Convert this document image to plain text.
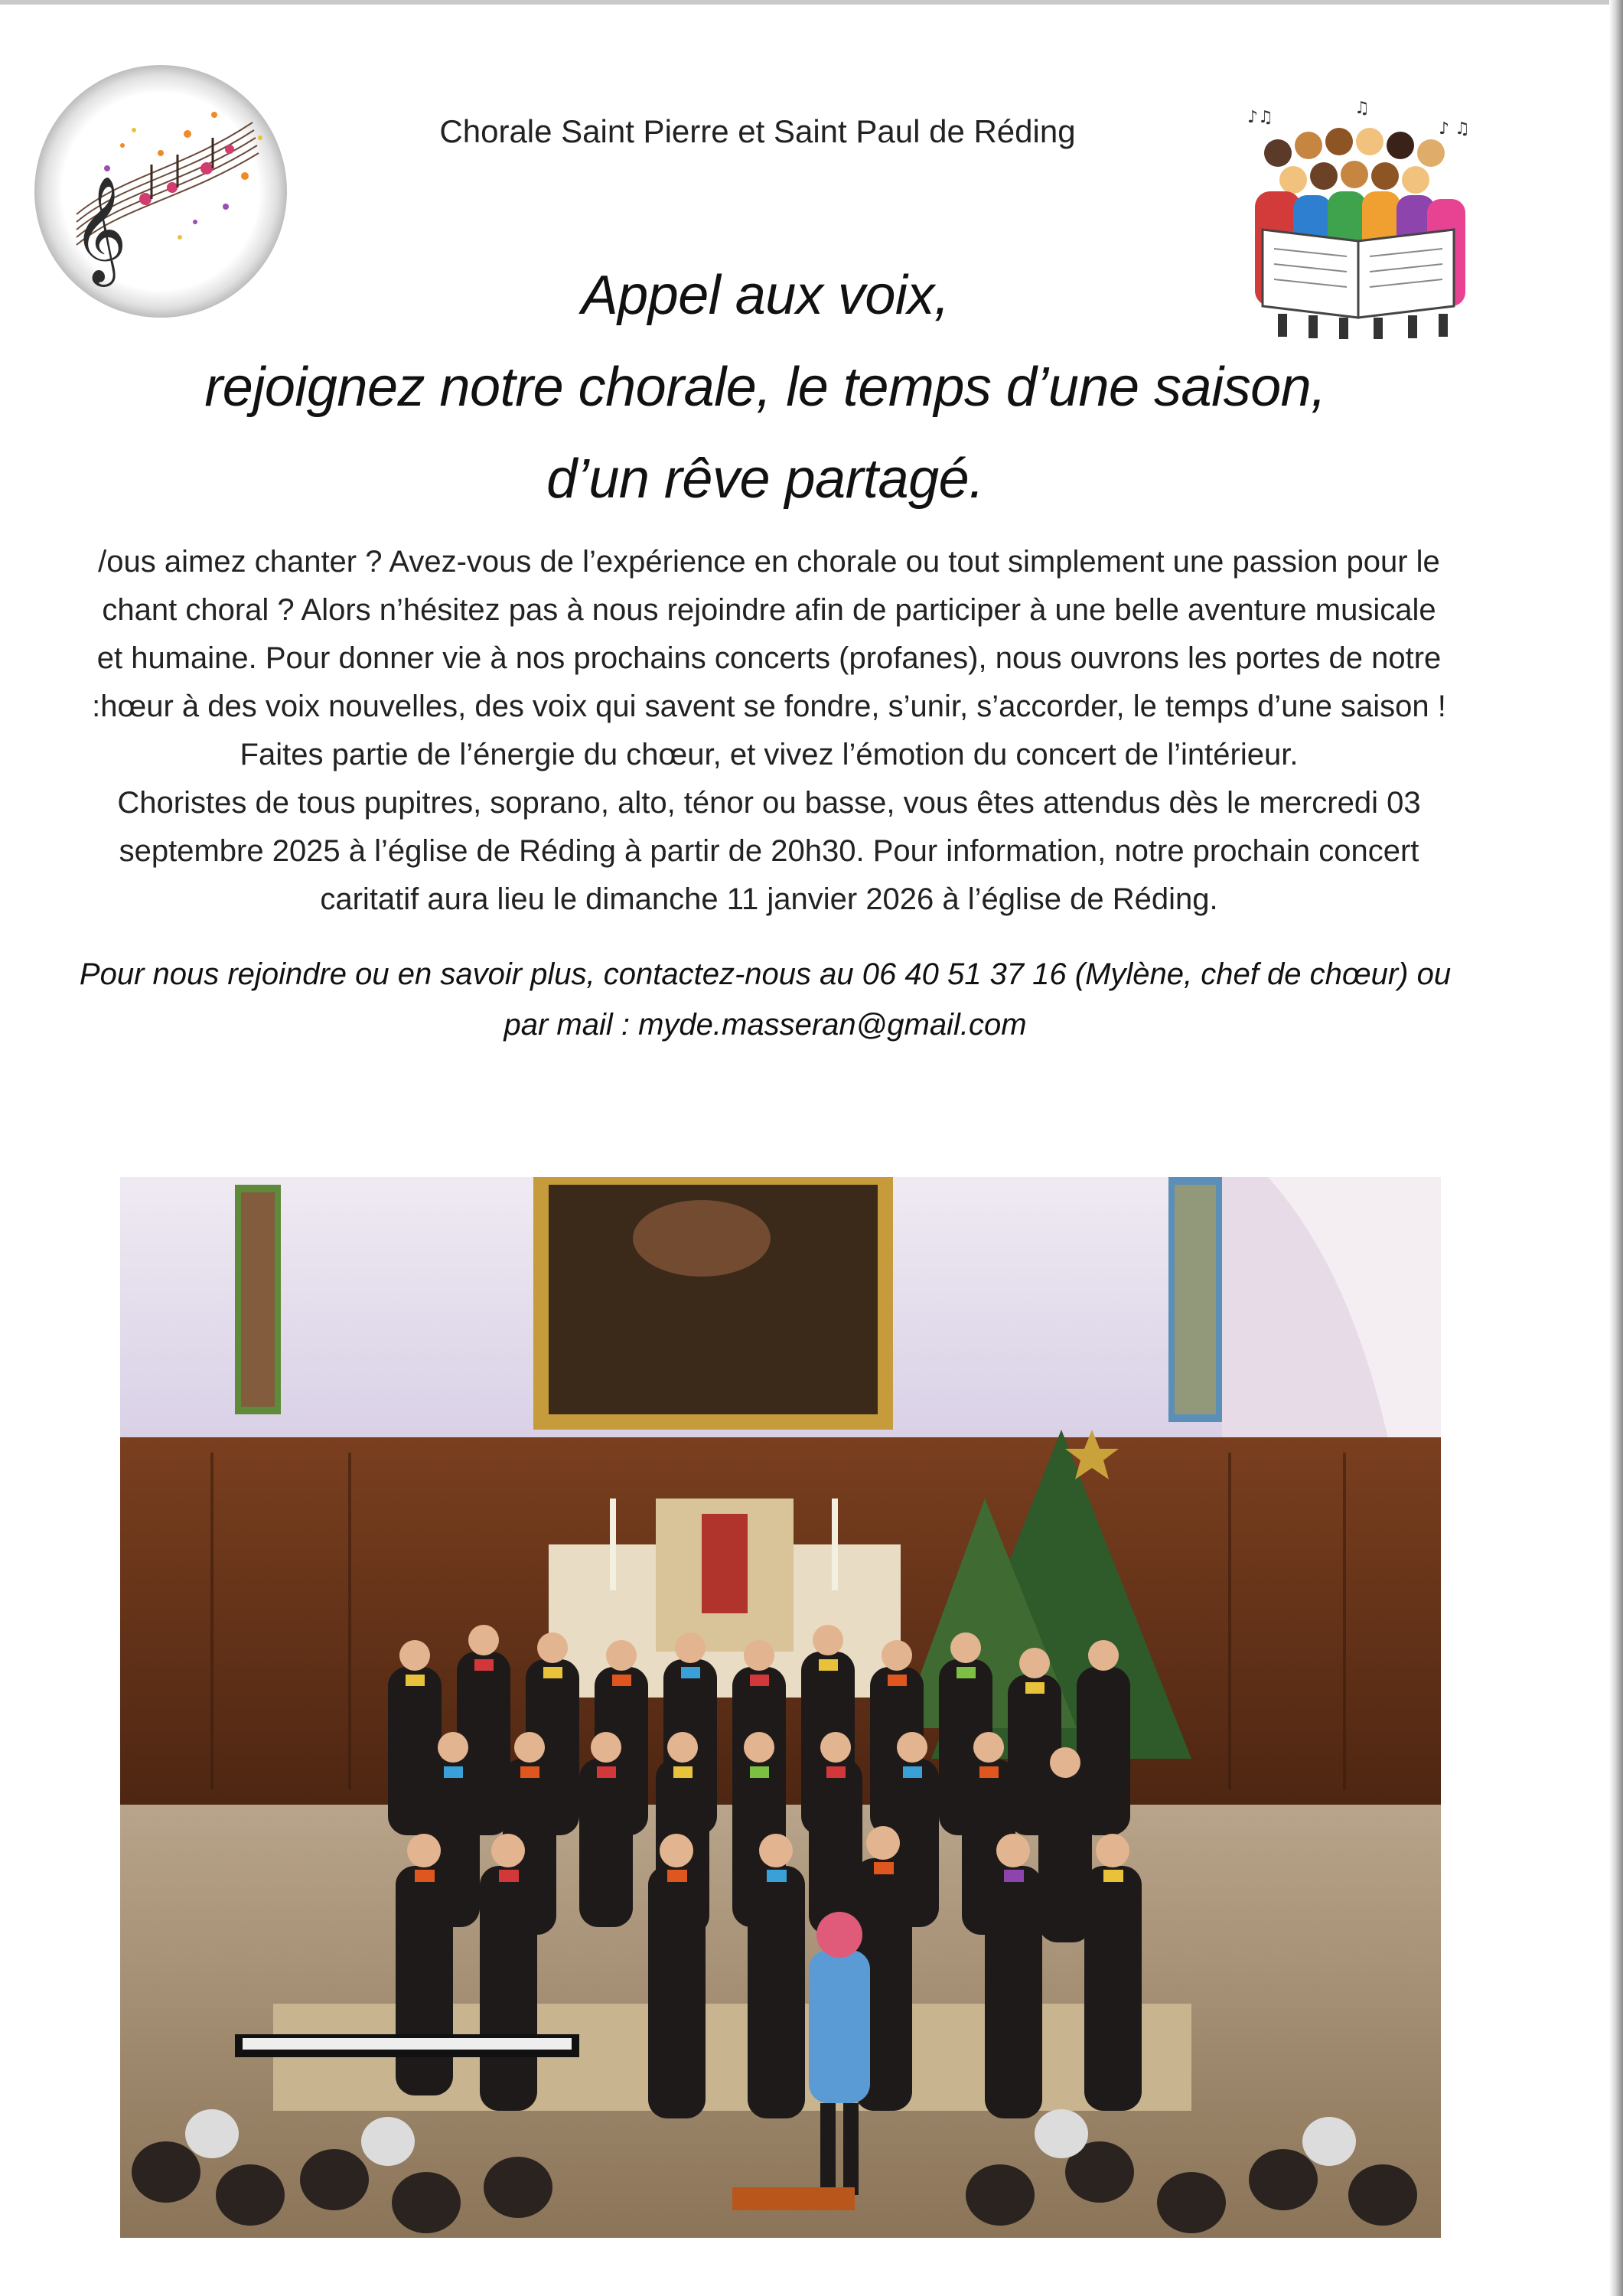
𝄞
Chorale Saint Pierre et Saint Paul de Réding	♪♫	♫
♪ ♫
Appel aux voix,
rejoignez notre chorale, le temps d’une saison,
d’un rêve partagé.
/ous aimez chanter ? Avez-vous de l’expérience en chorale ou tout simplement une passion pour le
chant choral ? Alors n’hésitez pas à nous rejoindre afin de participer à une belle aventure musicale
et humaine. Pour donner vie à nos prochains concerts (profanes), nous ouvrons les portes de notre
:hœur à des voix nouvelles, des voix qui savent se fondre, s’unir, s’accorder, le temps d’une saison !
Faites partie de l’énergie du chœur, et vivez l’émotion du concert de l’intérieur.
Choristes de tous pupitres, soprano, alto, ténor ou basse, vous êtes attendus dès le mercredi 03
septembre 2025 à l’église de Réding à partir de 20h30. Pour information, notre prochain concert
caritatif aura lieu le dimanche 11 janvier 2026 à l’église de Réding.
Pour nous rejoindre ou en savoir plus, contactez-nous au 06 40 51 37 16 (Mylène, chef de chœur) ou
par mail : myde.masseran@gmail.com
